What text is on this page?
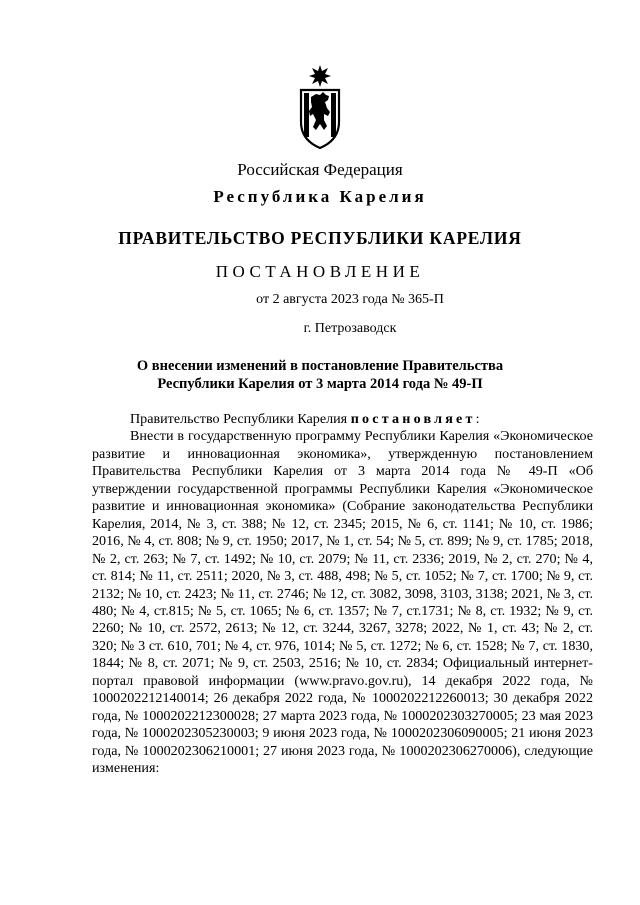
Российская Федерация
Республика Карелия
ПРАВИТЕЛЬСТВО РЕСПУБЛИКИ КАРЕЛИЯ
ПОСТАНОВЛЕНИЕ
от 2 августа 2023 года № 365-П
г. Петрозаводск
О внесении изменений в постановление Правительства
Республики Карелия от 3 марта 2014 года № 49-П

Правительство Республики Карелия постановляет:

Внести в государственную программу Республики Карелия «Экономическое развитие и инновационная экономика», утвержденную постановлением Правительства Республики Карелия от 3 марта 2014 года № 49-П «Об утверждении государственной программы Республики Карелия «Экономическое развитие и инновационная экономика» (Собрание законодательства Республики Карелия, 2014, № 3, ст. 388; № 12, ст. 2345; 2015, № 6, ст. 1141; № 10, ст. 1986; 2016, № 4, ст. 808; № 9, ст. 1950; 2017, № 1, ст. 54; № 5, ст. 899; № 9, ст. 1785; 2018, № 2, ст. 263; № 7, ст. 1492; № 10, ст. 2079; № 11, ст. 2336; 2019, № 2, ст. 270; № 4, ст. 814; № 11, ст. 2511; 2020, № 3, ст. 488, 498; № 5, ст. 1052; № 7, ст. 1700; № 9, ст. 2132; № 10, ст. 2423; № 11, ст. 2746; № 12, ст. 3082, 3098, 3103, 3138; 2021, № 3, ст. 480; № 4, ст.815; № 5, ст. 1065; № 6, ст. 1357; № 7, ст.1731; № 8, ст. 1932; № 9, ст. 2260; № 10, ст. 2572, 2613; № 12, ст. 3244, 3267, 3278; 2022, № 1, ст. 43; № 2, ст. 320; № 3 ст. 610, 701; № 4, ст. 976, 1014; № 5, ст. 1272; № 6, ст. 1528; № 7, ст. 1830, 1844; № 8, ст. 2071; № 9, ст. 2503, 2516; № 10, ст. 2834; Официальный интернет-портал правовой информации (www.pravo.gov.ru), 14 декабря 2022 года, № 1000202212140014; 26 декабря 2022 года, № 1000202212260013; 30 декабря 2022 года, № 1000202212300028; 27 марта 2023 года, № 1000202303270005; 23 мая 2023 года, № 1000202305230003; 9 июня 2023 года, № 1000202306090005; 21 июня 2023 года, № 1000202306210001; 27 июня 2023 года, № 1000202306270006), следующие изменения:
